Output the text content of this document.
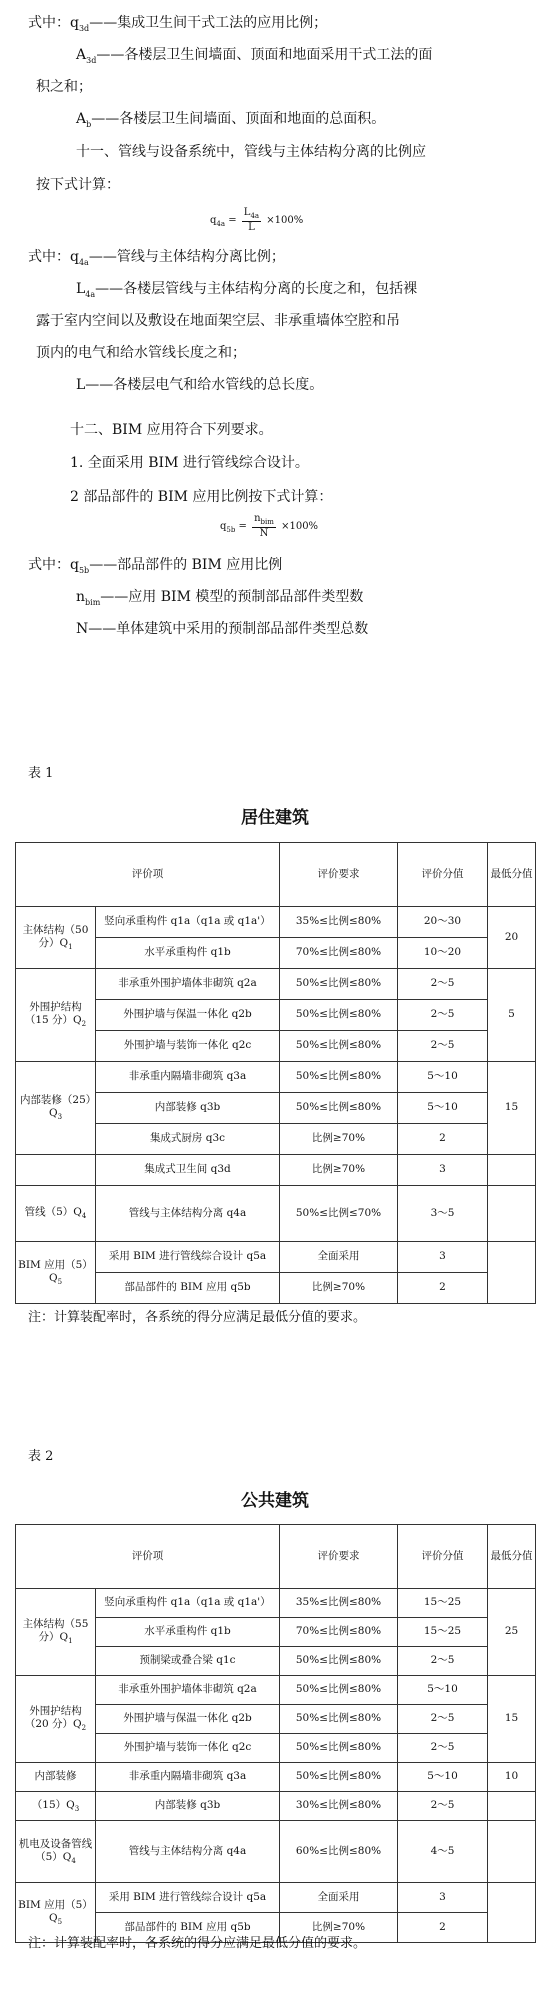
式中：$q_{3d}——$集成卫生间干式工法的应用比例；
$A_{3d}——$各楼层卫生间墙面、顶面和地面采用干式工法的面
积之和；
$A_b——$各楼层卫生间墙面、顶面和地面的总面积。
十一、管线与设备系统中，管线与主体结构分离的比例应
按下式计算：
$q_{4a} = \frac{L_{4a}}{L} \times 100\%$
式中：$q_{4a}——$管线与主体结构分离比例；
$L_{4a}——$各楼层管线与主体结构分离的长度之和，包括裸
露于室内空间以及敷设在地面架空层、非承重墙体空腔和吊
顶内的电气和给水管线长度之和；
L——各楼层电气和给水管线的总长度。
十二、BIM 应用符合下列要求。
1. 全面采用 BIM 进行管线综合设计。
2 部品部件的 BIM 应用比例按下式计算：
$q_{5b} = \frac{n_{bim}}{N} \times 100\%$
式中：$q_{5b}——$部品部件的 BIM 应用比例
$n_{bim}——$应用 BIM 模型的预制部品部件类型数
N——单体建筑中采用的预制部品部件类型总数
表 1
居住建筑
评价项		评价要求	评价分值	最低分值
主体结构（50 分）$Q_1$	竖向承重构件 q1a（q1a 或 q1a'）	35%≤比例≤80%	20～30	20
	水平承重构件 q1b	70%≤比例≤80%	10～20	
外围护结构（15 分）$Q_2$	非承重外围护墙体非砌筑 q2a	50%≤比例≤80%	2～5	5
	外围护墙与保温一体化 q2b	50%≤比例≤80%	2～5	
	外围护墙与装饰一体化 q2c	50%≤比例≤80%	2～5	
内部装修$(25)Q_3$	非承重内隔墙非砌筑 q3a	50%≤比例≤80%	5～10	15
	内部装修 q3b	50%≤比例≤80%	5～10	
	集成式厨房 q3c	比例≥70%	2	
	集成式卫生间 q3d	比例≥70%	3	
管线$(5)Q_4$	管线与主体结构分离 q4a	50%≤比例≤70%	3～5	
BIM 应用$(5)Q_5$	采用 BIM 进行管线综合设计 q5a	全面采用	3	
	部品部件的 BIM 应用 q5b	比例≥70%	2	
注：计算装配率时，各系统的得分应满足最低分值的要求。
表 2
公共建筑
评价项		评价要求	评价分值	最低分值
主体结构（55 分）$Q_1$	竖向承重构件 q1a（q1a 或 q1a'）	35%≤比例≤80%	15～25	25
	水平承重构件 q1b	70%≤比例≤80%	15～25	
	预制梁或叠合梁 q1c	50%≤比例≤80%	2～5	
外围护结构（20 分）$Q_2$	非承重外围护墙体非砌筑 q2a	50%≤比例≤80%	5～10	15
	外围护墙与保温一体化 q2b	50%≤比例≤80%	2～5	
	外围护墙与装饰一体化 q2c	50%≤比例≤80%	2～5	
内部装修	非承重内隔墙非砌筑 q3a	50%≤比例≤80%	5～10	10
$(15)Q_3$	内部装修 q3b	30%≤比例≤80%	2～5	
机电及设备管线$(5)Q_4$	管线与主体结构分离 q4a	60%≤比例≤80%	4～5	
BIM 应用$(5)Q_5$	采用 BIM 进行管线综合设计 q5a	全面采用	3	
	部品部件的 BIM 应用 q5b	比例≥70%	2	
注：计算装配率时，各系统的得分应满足最低分值的要求。
